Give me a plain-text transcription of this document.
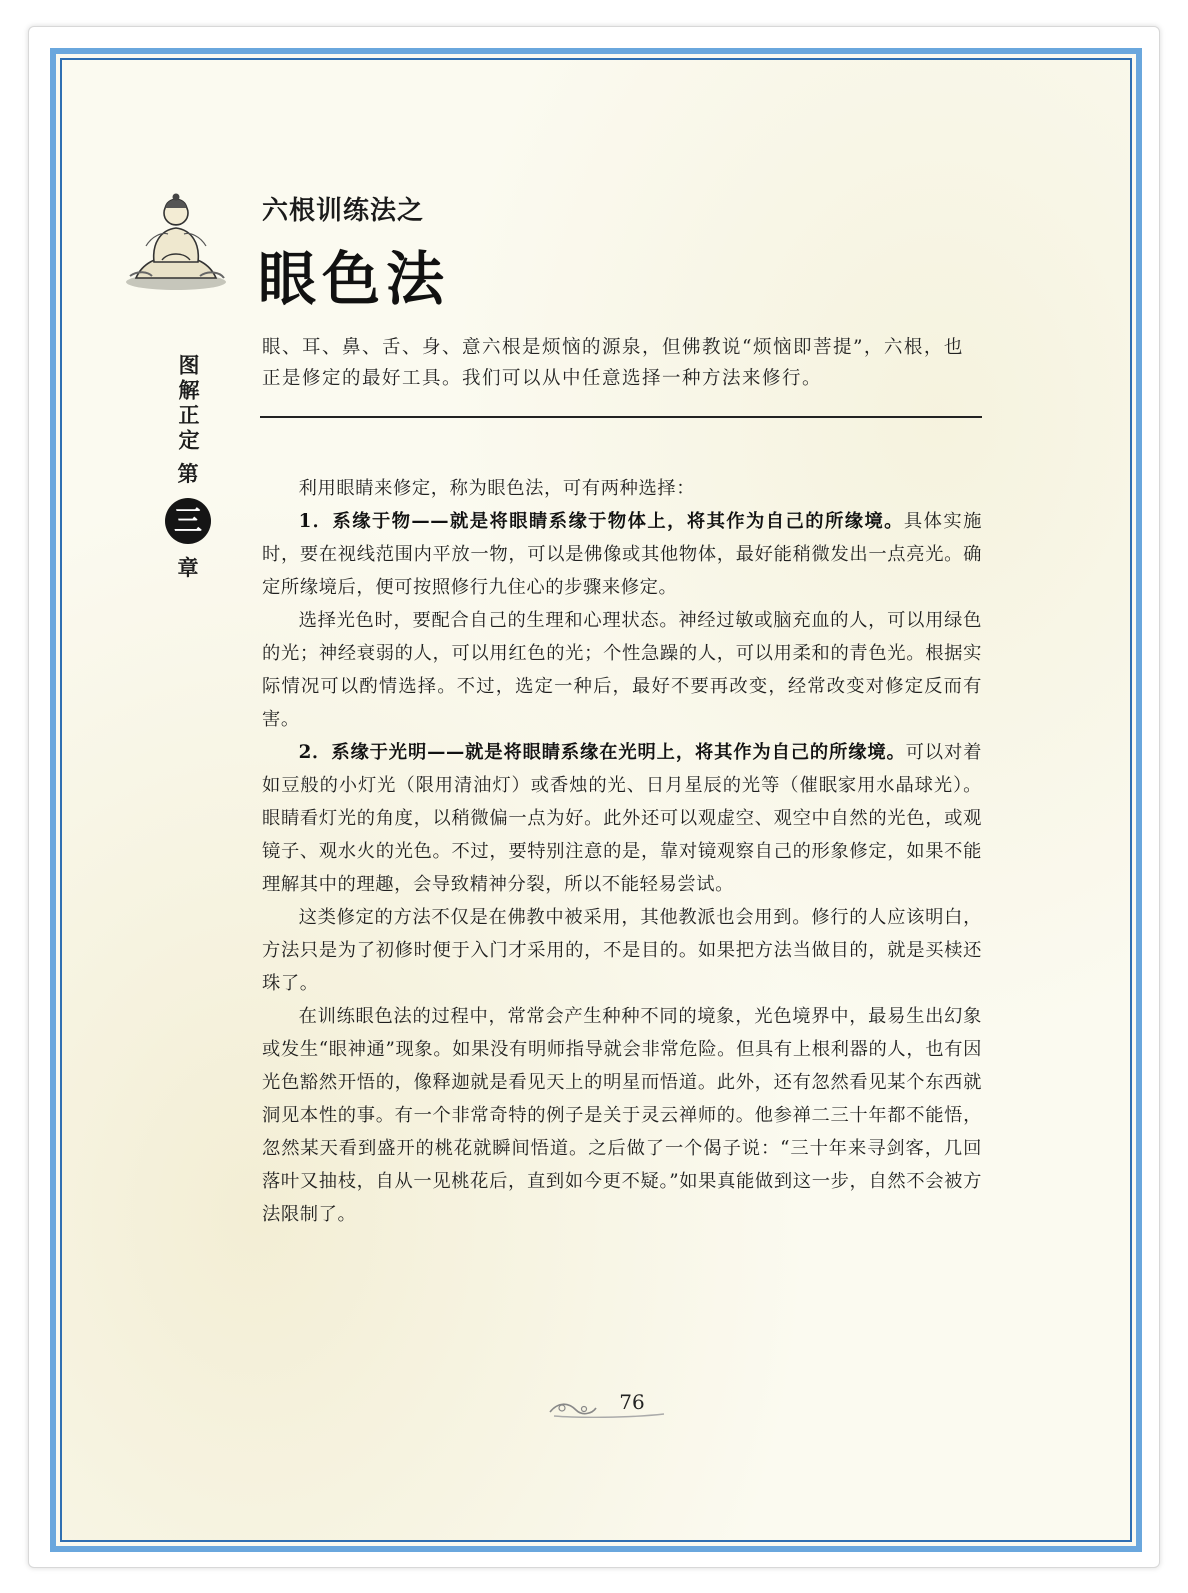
六根训练法之
眼色法
图解正定
第
三
章
眼、耳、鼻、舌、身、意六根是烦恼的源泉，但佛教说“烦恼即菩提”，六根，也正是修定的最好工具。我们可以从中任意选择一种方法来修行。

利用眼睛来修定，称为眼色法，可有两种选择：

1．系缘于物——就是将眼睛系缘于物体上，将其作为自己的所缘境。具体实施时，要在视线范围内平放一物，可以是佛像或其他物体，最好能稍微发出一点亮光。确定所缘境后，便可按照修行九住心的步骤来修定。

选择光色时，要配合自己的生理和心理状态。神经过敏或脑充血的人，可以用绿色的光；神经衰弱的人，可以用红色的光；个性急躁的人，可以用柔和的青色光。根据实际情况可以酌情选择。不过，选定一种后，最好不要再改变，经常改变对修定反而有害。

2．系缘于光明——就是将眼睛系缘在光明上，将其作为自己的所缘境。可以对着如豆般的小灯光（限用清油灯）或香烛的光、日月星辰的光等（催眠家用水晶球光）。眼睛看灯光的角度，以稍微偏一点为好。此外还可以观虚空、观空中自然的光色，或观镜子、观水火的光色。不过，要特别注意的是，靠对镜观察自己的形象修定，如果不能理解其中的理趣，会导致精神分裂，所以不能轻易尝试。

这类修定的方法不仅是在佛教中被采用，其他教派也会用到。修行的人应该明白，方法只是为了初修时便于入门才采用的，不是目的。如果把方法当做目的，就是买椟还珠了。

在训练眼色法的过程中，常常会产生种种不同的境象，光色境界中，最易生出幻象或发生“眼神通”现象。如果没有明师指导就会非常危险。但具有上根利器的人，也有因光色豁然开悟的，像释迦就是看见天上的明星而悟道。此外，还有忽然看见某个东西就洞见本性的事。有一个非常奇特的例子是关于灵云禅师的。他参禅二三十年都不能悟，忽然某天看到盛开的桃花就瞬间悟道。之后做了一个偈子说：“三十年来寻剑客，几回落叶又抽枝，自从一见桃花后，直到如今更不疑。”如果真能做到这一步，自然不会被方法限制了。

76
